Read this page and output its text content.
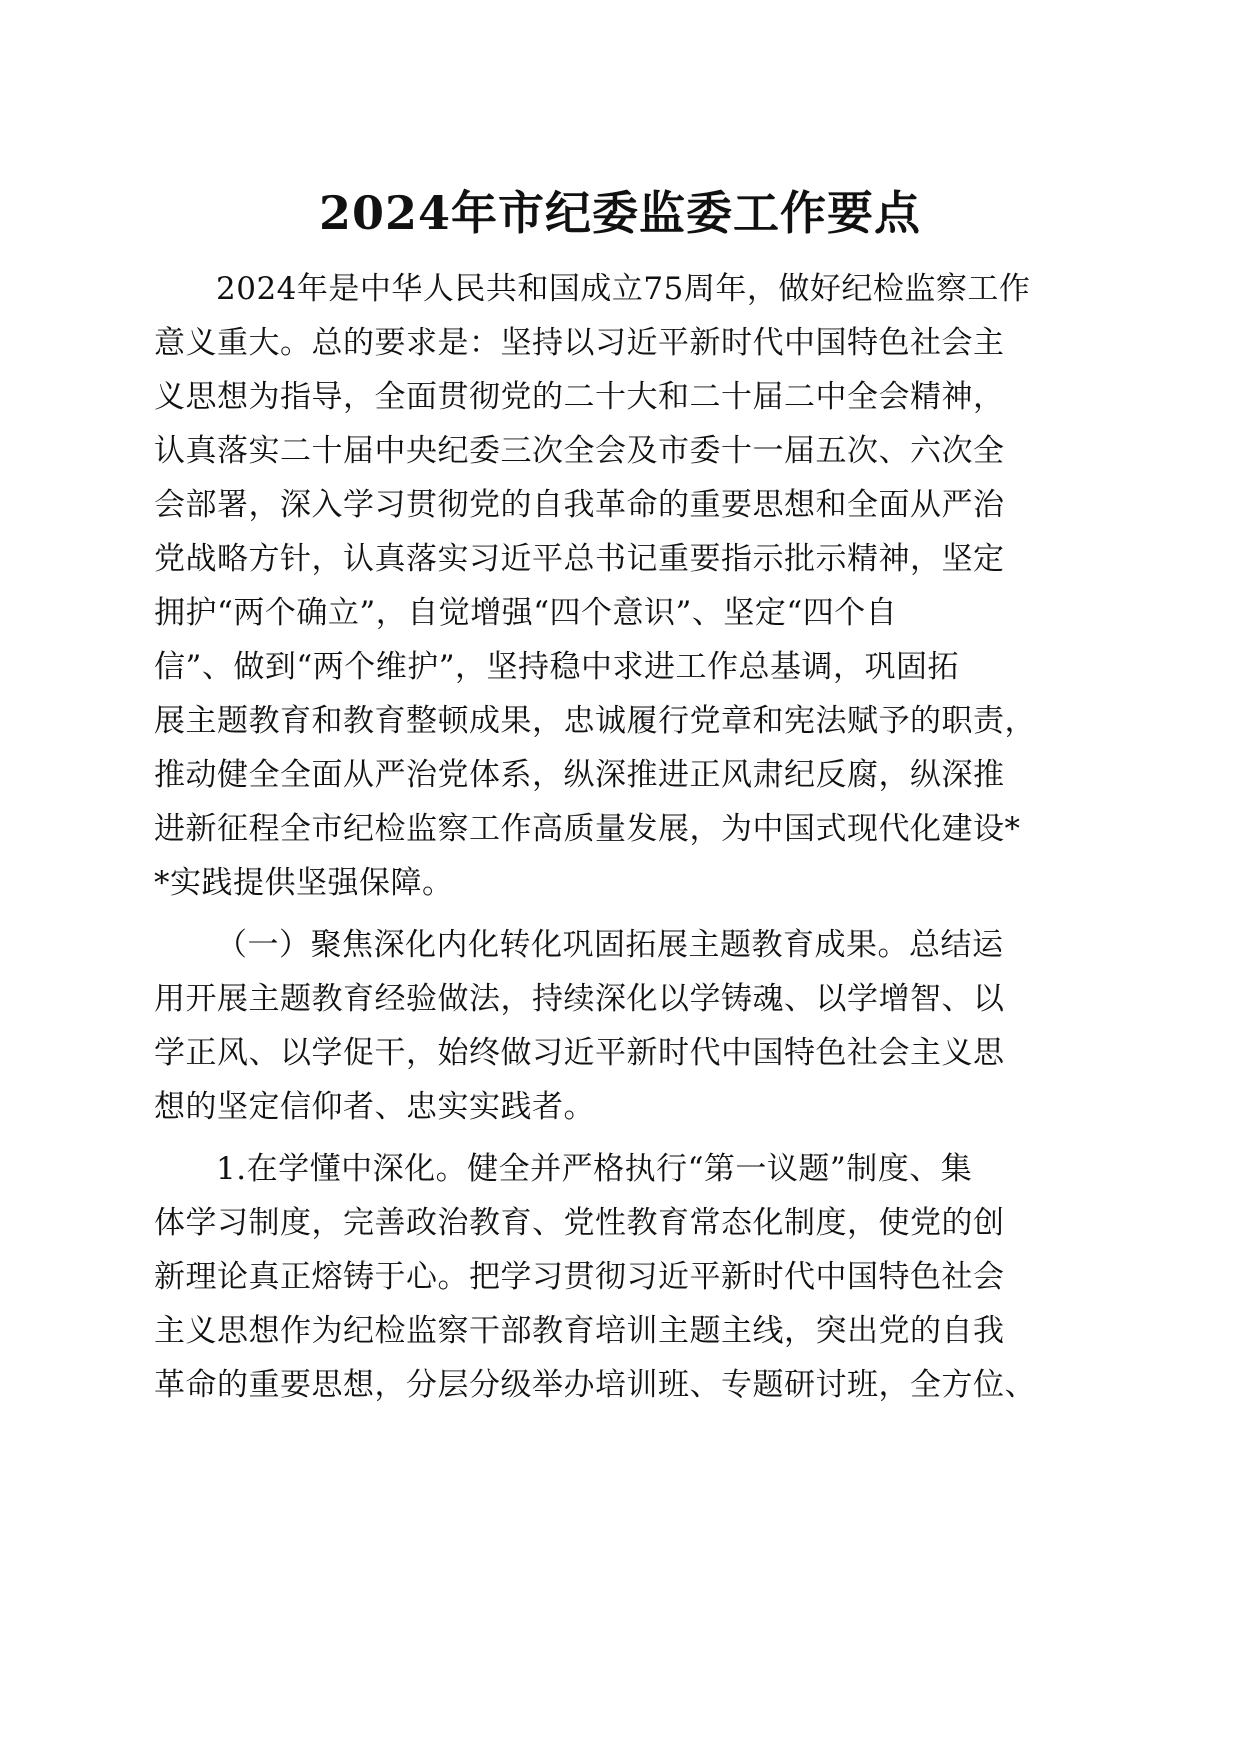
2024年市纪委监委工作要点
2024年是中华人民共和国成立75周年，做好纪检监察工作
意义重大。总的要求是：坚持以习近平新时代中国特色社会主
义思想为指导，全面贯彻党的二十大和二十届二中全会精神，
认真落实二十届中央纪委三次全会及市委十一届五次、六次全
会部署，深入学习贯彻党的自我革命的重要思想和全面从严治
党战略方针，认真落实习近平总书记重要指示批示精神，坚定
拥护“两个确立”，自觉增强“四个意识”、坚定“四个自
信”、做到“两个维护”，坚持稳中求进工作总基调，巩固拓
展主题教育和教育整顿成果，忠诚履行党章和宪法赋予的职责，
推动健全全面从严治党体系，纵深推进正风肃纪反腐，纵深推
进新征程全市纪检监察工作高质量发展，为中国式现代化建设*
*实践提供坚强保障。
（一）聚焦深化内化转化巩固拓展主题教育成果。总结运
用开展主题教育经验做法，持续深化以学铸魂、以学增智、以
学正风、以学促干，始终做习近平新时代中国特色社会主义思
想的坚定信仰者、忠实实践者。
1.在学懂中深化。健全并严格执行“第一议题”制度、集
体学习制度，完善政治教育、党性教育常态化制度，使党的创
新理论真正熔铸于心。把学习贯彻习近平新时代中国特色社会
主义思想作为纪检监察干部教育培训主题主线，突出党的自我
革命的重要思想，分层分级举办培训班、专题研讨班，全方位、
